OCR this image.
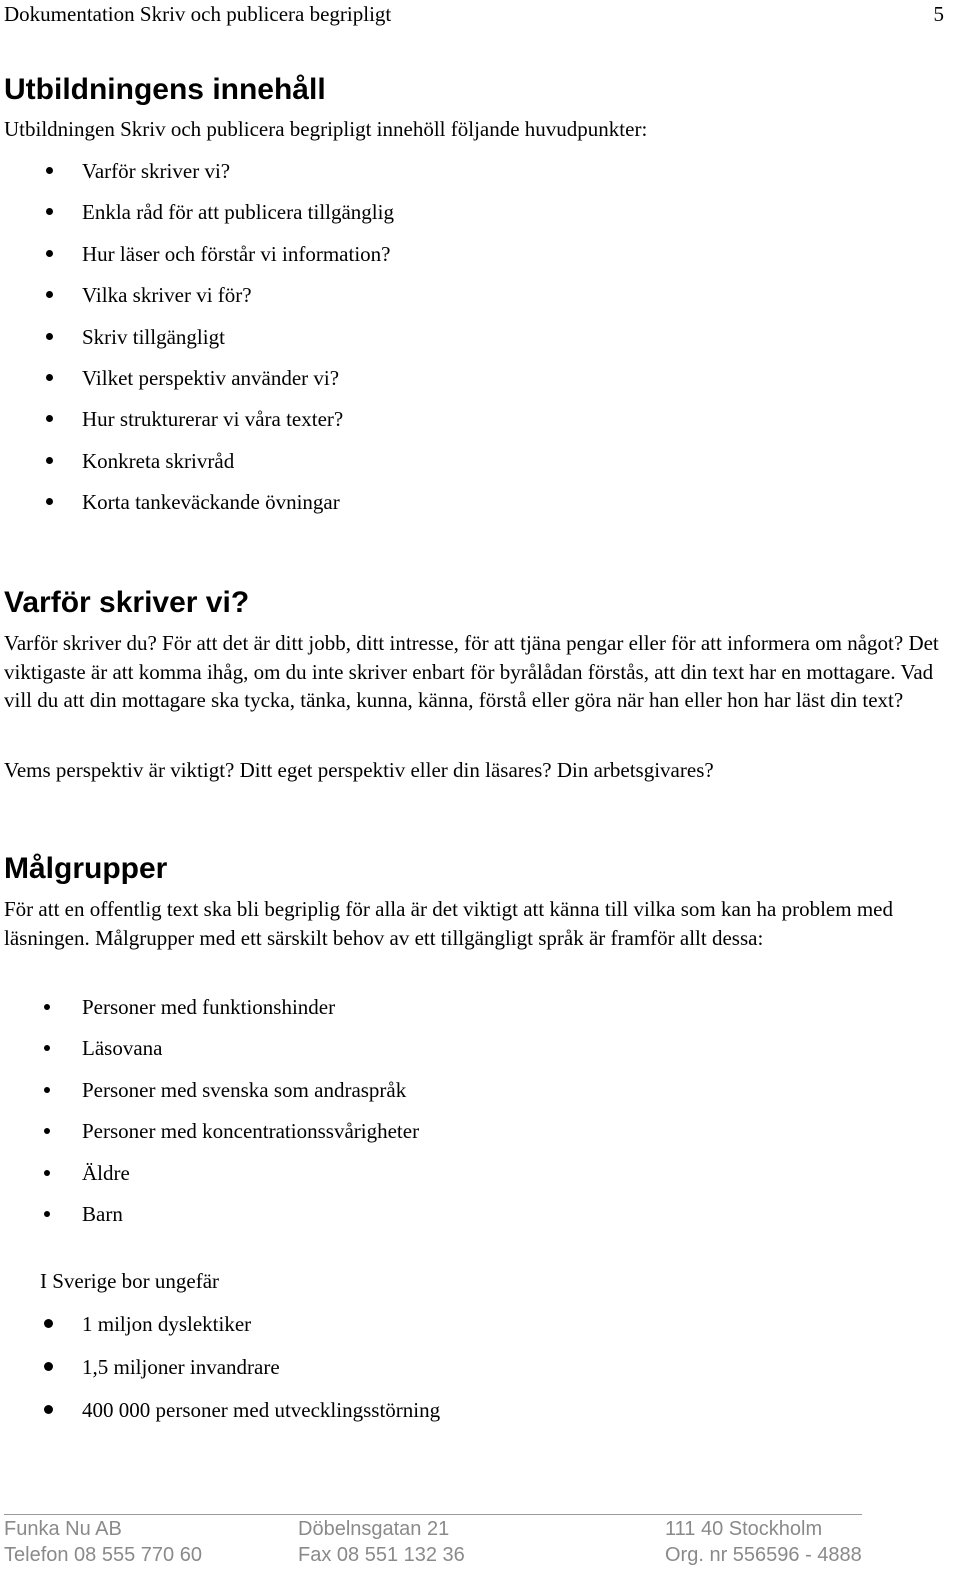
Dokumentation Skriv och publicera begripligt	5
Utbildningens innehåll

Utbildningen Skriv och publicera begripligt innehöll följande huvudpunkter:

Varför skriver vi?
Enkla råd för att publicera tillgänglig
Hur läser och förstår vi information?
Vilka skriver vi för?
Skriv tillgängligt
Vilket perspektiv använder vi?
Hur strukturerar vi våra texter?
Konkreta skrivråd
Korta tankeväckande övningar
Varför skriver vi?

Varför skriver du? För att det är ditt jobb, ditt intresse, för att tjäna pengar eller för att informera om något? Det viktigaste är att komma ihåg, om du inte skriver enbart för byrålådan förstås, att din text har en mottagare. Vad vill du att din mottagare ska tycka, tänka, kunna, känna, förstå eller göra när han eller hon har läst din text?

Vems perspektiv är viktigt? Ditt eget perspektiv eller din läsares? Din arbetsgivares?

Målgrupper

För att en offentlig text ska bli begriplig för alla är det viktigt att känna till vilka som kan ha problem med läsningen. Målgrupper med ett särskilt behov av ett tillgängligt språk är framför allt dessa:

Personer med funktionshinder
Läsovana
Personer med svenska som andraspråk
Personer med koncentrationssvårigheter
Äldre
Barn

I Sverige bor ungefär

1 miljon dyslektiker
1,5 miljoner invandrare
400 000 personer med utvecklingsstörning
Funka Nu AB	Döbelnsgatan 21	111 40 Stockholm
Telefon 08 555 770 60	Fax 08 551 132 36	Org. nr 556596 - 4888
